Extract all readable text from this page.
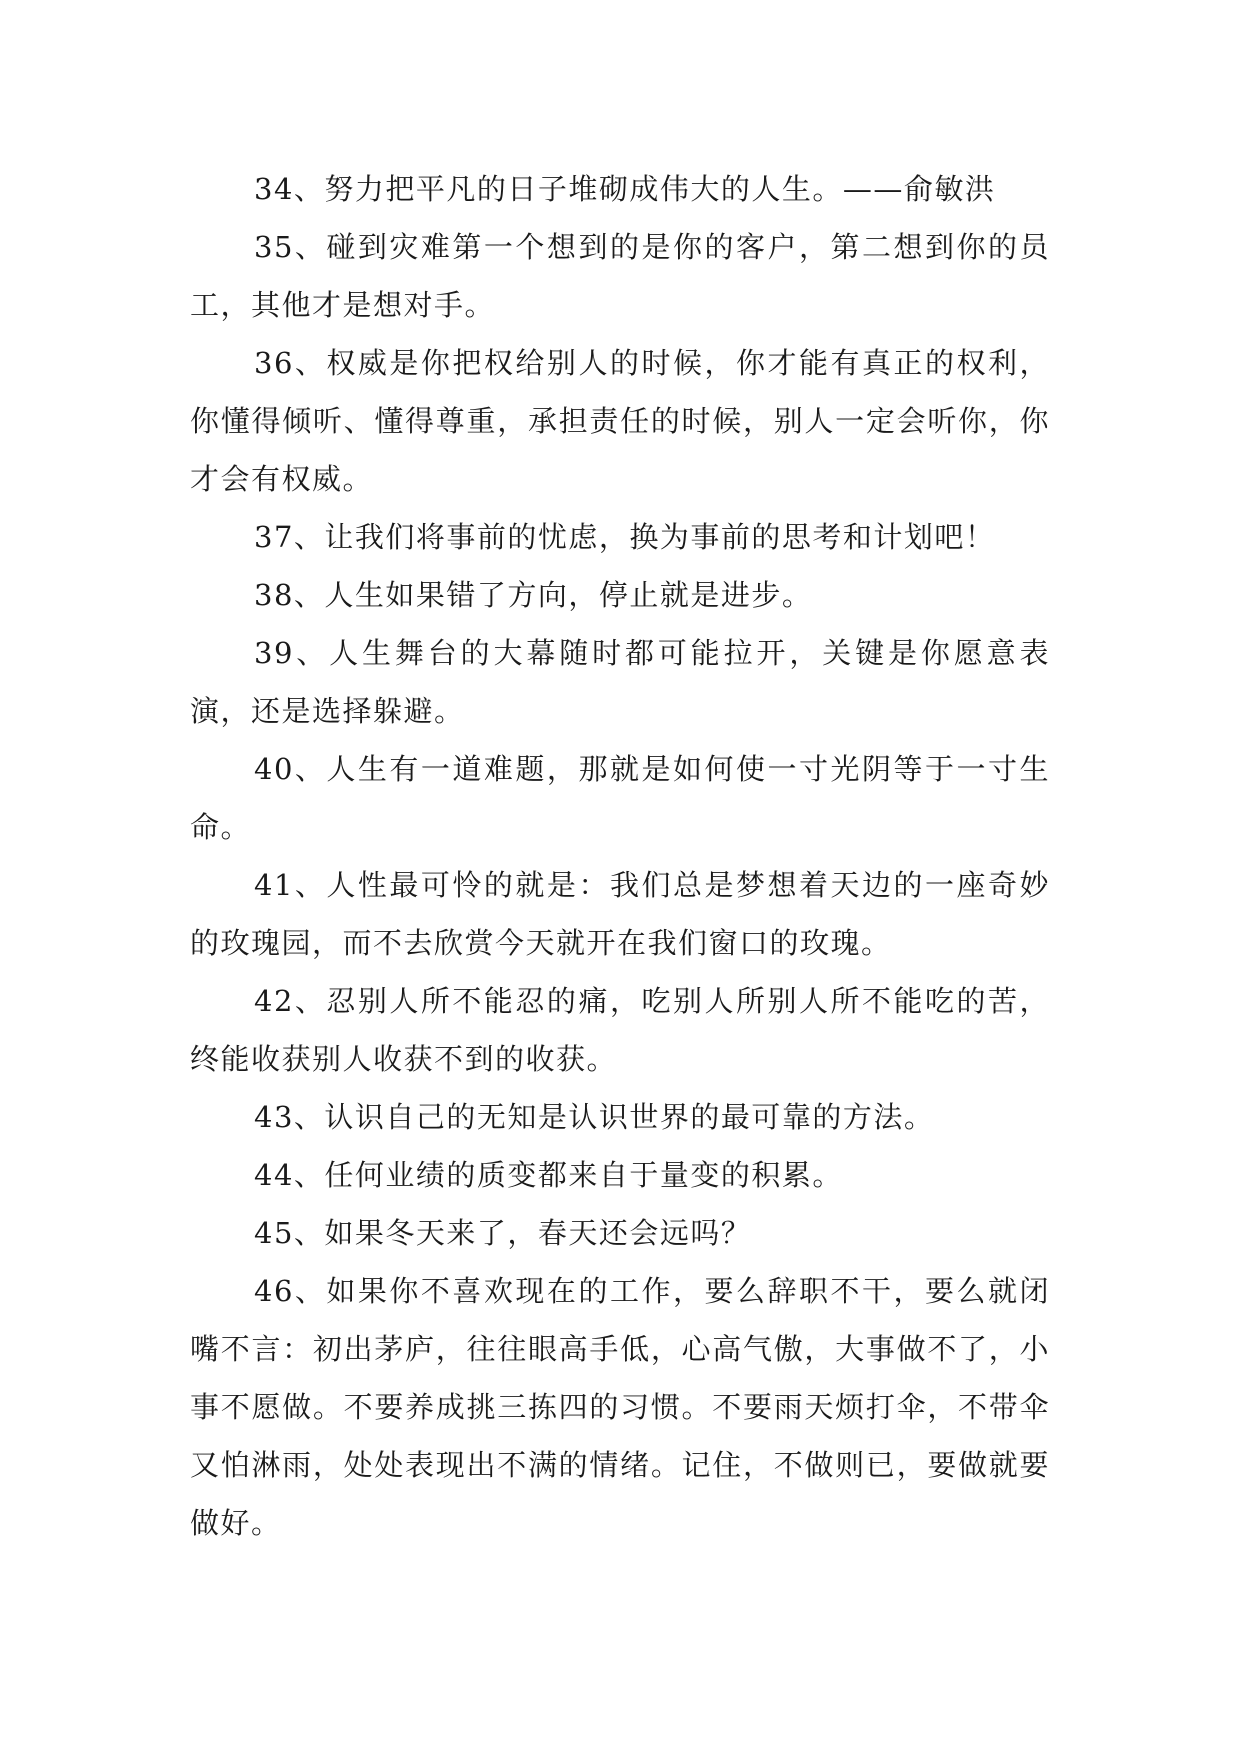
34、努力把平凡的日子堆砌成伟大的人生。——俞敏洪

35、碰到灾难第一个想到的是你的客户，第二想到你的员工，其他才是想对手。

36、权威是你把权给别人的时候，你才能有真正的权利，你懂得倾听、懂得尊重，承担责任的时候，别人一定会听你，你才会有权威。

37、让我们将事前的忧虑，换为事前的思考和计划吧！

38、人生如果错了方向，停止就是进步。

39、人生舞台的大幕随时都可能拉开，关键是你愿意表演，还是选择躲避。

40、人生有一道难题，那就是如何使一寸光阴等于一寸生命。

41、人性最可怜的就是：我们总是梦想着天边的一座奇妙的玫瑰园，而不去欣赏今天就开在我们窗口的玫瑰。

42、忍别人所不能忍的痛，吃别人所别人所不能吃的苦，终能收获别人收获不到的收获。

43、认识自己的无知是认识世界的最可靠的方法。

44、任何业绩的质变都来自于量变的积累。

45、如果冬天来了，春天还会远吗？

46、如果你不喜欢现在的工作，要么辞职不干，要么就闭嘴不言：初出茅庐，往往眼高手低，心高气傲，大事做不了，小事不愿做。不要养成挑三拣四的习惯。不要雨天烦打伞，不带伞又怕淋雨，处处表现出不满的情绪。记住，不做则已，要做就要做好。
